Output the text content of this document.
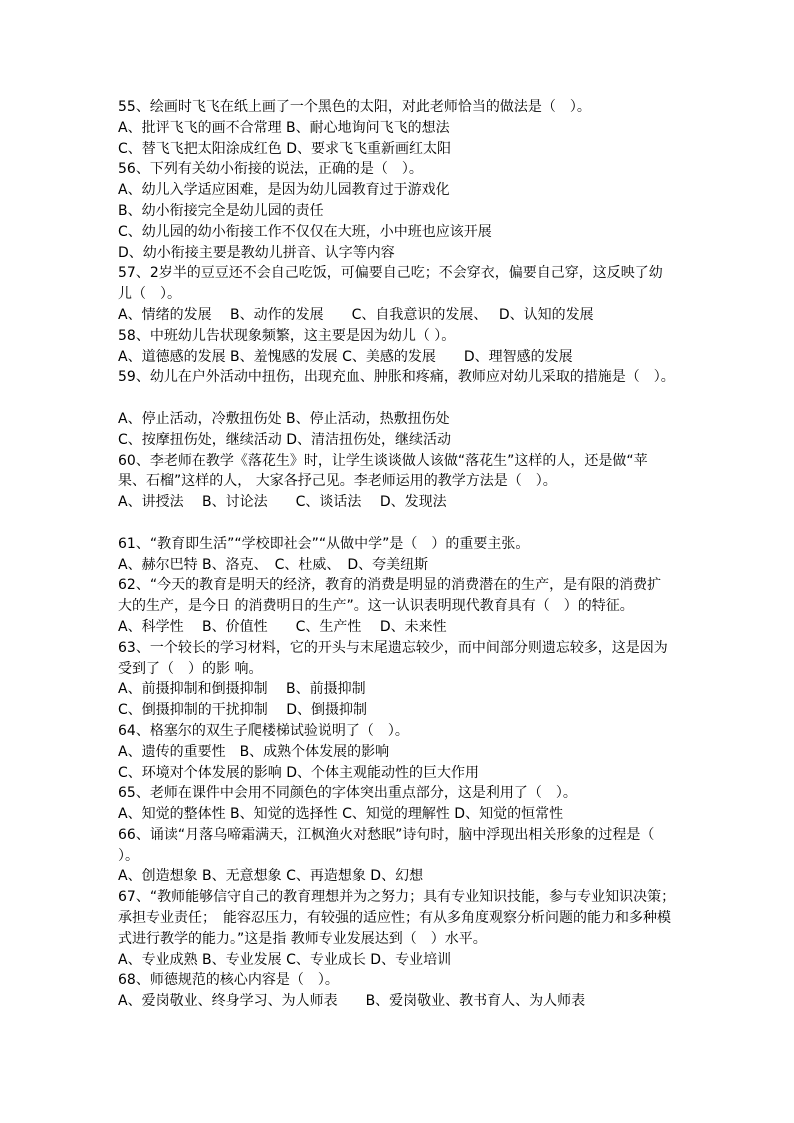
55、绘画时飞飞在纸上画了一个黑色的太阳，对此老师恰当的做法是（　）。
A、批评飞飞的画不合常理 B、耐心地询问飞飞的想法
C、替飞飞把太阳涂成红色 D、要求飞飞重新画红太阳
56、下列有关幼小衔接的说法，正确的是（　）。
A、幼儿入学适应困难，是因为幼儿园教育过于游戏化
B、幼小衔接完全是幼儿园的责任
C、幼儿园的幼小衔接工作不仅仅在大班，小中班也应该开展
D、幼小衔接主要是教幼儿拼音、认字等内容
57、2岁半的豆豆还不会自己吃饭，可偏要自己吃；不会穿衣，偏要自己穿，这反映了幼
儿（　）。
A、情绪的发展　 B、动作的发展　　C、自我意识的发展、　 D、认知的发展
58、中班幼儿告状现象频繁，这主要是因为幼儿（ ）。
A、道德感的发展 B、羞愧感的发展 C、美感的发展　　D、理智感的发展
59、幼儿在户外活动中扭伤，出现充血、肿胀和疼痛，教师应对幼儿采取的措施是（　）。
A、停止活动，冷敷扭伤处 B、停止活动，热敷扭伤处
C、按摩扭伤处，继续活动 D、清洁扭伤处，继续活动
60、李老师在教学《落花生》时，让学生谈谈做人该做“落花生”这样的人，还是做“苹
果、石榴”这样的人， 大家各抒己见。李老师运用的教学方法是（　）。
A、讲授法　 B、讨论法　　C、谈话法　 D、发现法
61、“教育即生活”“学校即社会”“从做中学”是（　）的重要主张。
A、赫尔巴特 B、洛克、　C、杜威、　D、夸美纽斯
62、“今天的教育是明天的经济，教育的消费是明显的消费潜在的生产，是有限的消费扩
大的生产，是今日 的消费明日的生产”。这一认识表明现代教育具有（　）的特征。
A、科学性　 B、价值性　　C、生产性　 D、未来性
63、一个较长的学习材料，它的开头与末尾遗忘较少，而中间部分则遗忘较多，这是因为
受到了（　）的影 响。
A、前摄抑制和倒摄抑制　 B、前摄抑制
C、倒摄抑制的干扰抑制　 D、倒摄抑制
64、格塞尔的双生子爬楼梯试验说明了（　）。
A、遗传的重要性　B、成熟个体发展的影响
C、环境对个体发展的影响 D、个体主观能动性的巨大作用
65、老师在课件中会用不同颜色的字体突出重点部分，这是利用了（　）。
A、知觉的整体性 B、知觉的选择性 C、知觉的理解性 D、知觉的恒常性
66、诵读“月落乌啼霜满天，江枫渔火对愁眠”诗句时，脑中浮现出相关形象的过程是（
）。
A、创造想象 B、无意想象 C、再造想象 D、幻想
67、“教师能够信守自己的教育理想并为之努力；具有专业知识技能，参与专业知识决策；
承担专业责任；　能容忍压力，有较强的适应性；有从多角度观察分析问题的能力和多种模
式进行教学的能力。”这是指 教师专业发展达到（　）水平。
A、专业成熟 B、专业发展 C、专业成长 D、专业培训
68、师德规范的核心内容是（　）。
A、爱岗敬业、终身学习、为人师表　　B、爱岗敬业、教书育人、为人师表
